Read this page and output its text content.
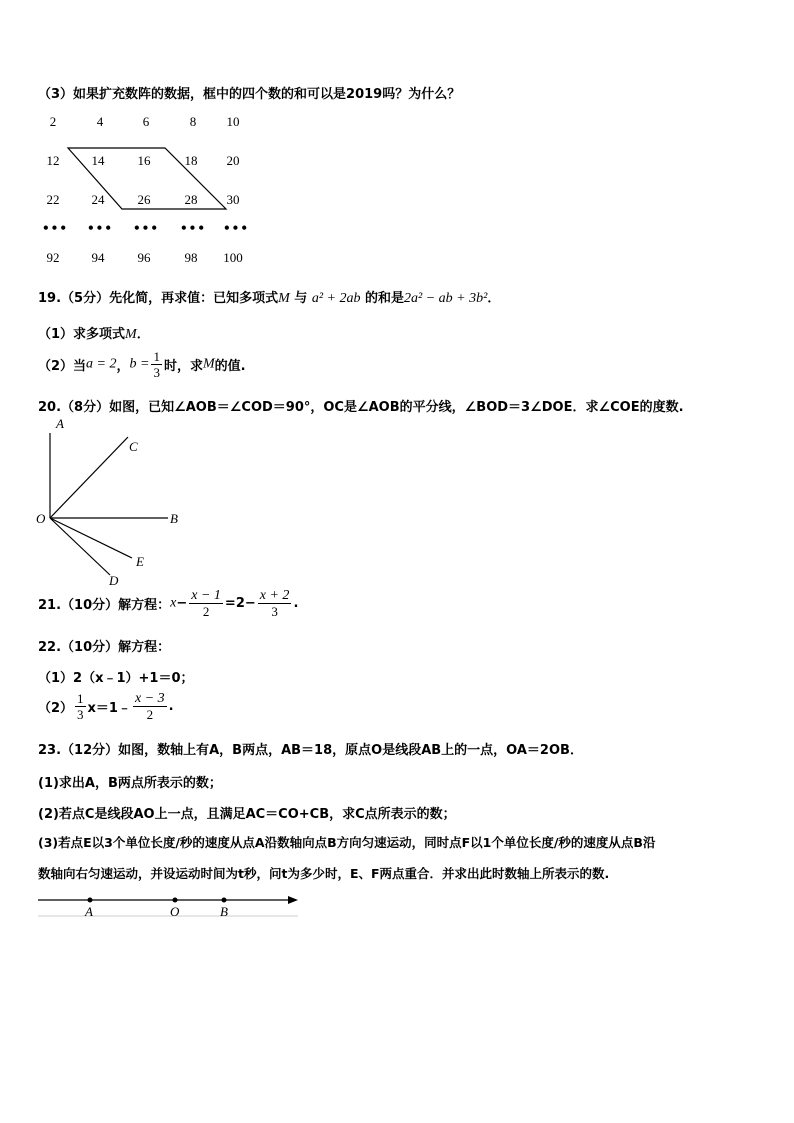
（3）如果扩充数阵的数据，框中的四个数的和可以是2019吗？为什么？
2	4	6	8	10
12	14	16	18	20
22	24	26	28	30
••• ••• ••• ••• •••
92	94	96	98	100
19.（5分）先化简，再求值：已知多项式M 与 a² + 2ab 的和是2a² − ab + 3b²．
（1）求多项式M．
（2）当a = 2，$b = \frac{1}{3}$ 时，求M的值.
20.（8分）如图，已知∠AOB＝∠COD＝90°，OC是∠AOB的平分线，∠BOD＝3∠DOE．求∠COE的度数.
A
C
O	B
E
D
21.（10分）解方程：$x- \frac{x - 1}{2} =2- \frac{x + 2}{3}$ .
22.（10分）解方程：
（1）2（x﹣1）+1＝0；
$(2) \frac{1}{3}$ x＝1﹣ $\frac{x - 3}{2}$ .
23.（12分）如图，数轴上有A，B两点，AB＝18，原点O是线段AB上的一点，OA＝2OB．
(1)求出A，B两点所表示的数；
(2)若点C是线段AO上一点，且满足AC＝CO+CB，求C点所表示的数；
(3)若点E以3个单位长度/秒的速度从点A沿数轴向点B方向匀速运动，同时点F以1个单位长度/秒的速度从点B沿
数轴向右匀速运动，并设运动时间为t秒，问t为多少时，E、F两点重合．并求出此时数轴上所表示的数.
A	O	B
